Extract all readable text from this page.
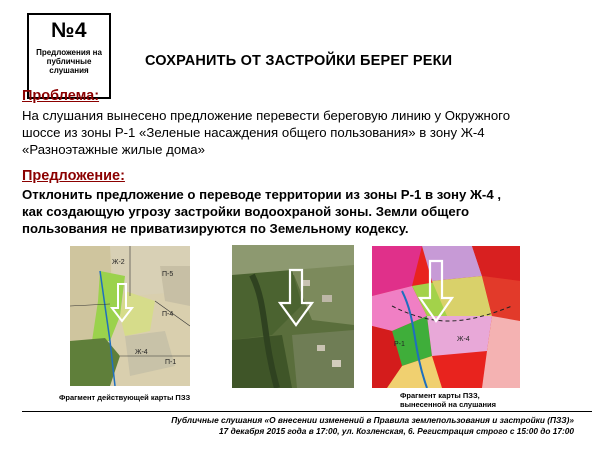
№4
Предложения на публичные слушания
СОХРАНИТЬ ОТ ЗАСТРОЙКИ БЕРЕГ РЕКИ
Проблема:
На слушания вынесено предложение перевести береговую линию у Окружного
шоссе из зоны Р-1 «Зеленые насаждения общего пользования» в зону Ж-4
«Разноэтажные жилые дома»
Предложение:
Отклонить предложение о переводе территории из зоны Р-1 в зону Ж-4 ,
как создающую угрозу застройки водоохраной зоны. Земли общего
пользования не приватизируются по Земельному кодексу.
Ж-2
П-5
П-4
Ж-4
П-1
Фрагмент действующей карты ПЗЗ
Ж-4
Р-1
Фрагмент карты ПЗЗ,
вынесенной на слушания
Публичные слушания «О внесении изменений в Правила землепользования и застройки (ПЗЗ)»
17 декабря 2015 года в 17:00, ул. Козленская, 6. Регистрация строго с 15:00 до 17:00
